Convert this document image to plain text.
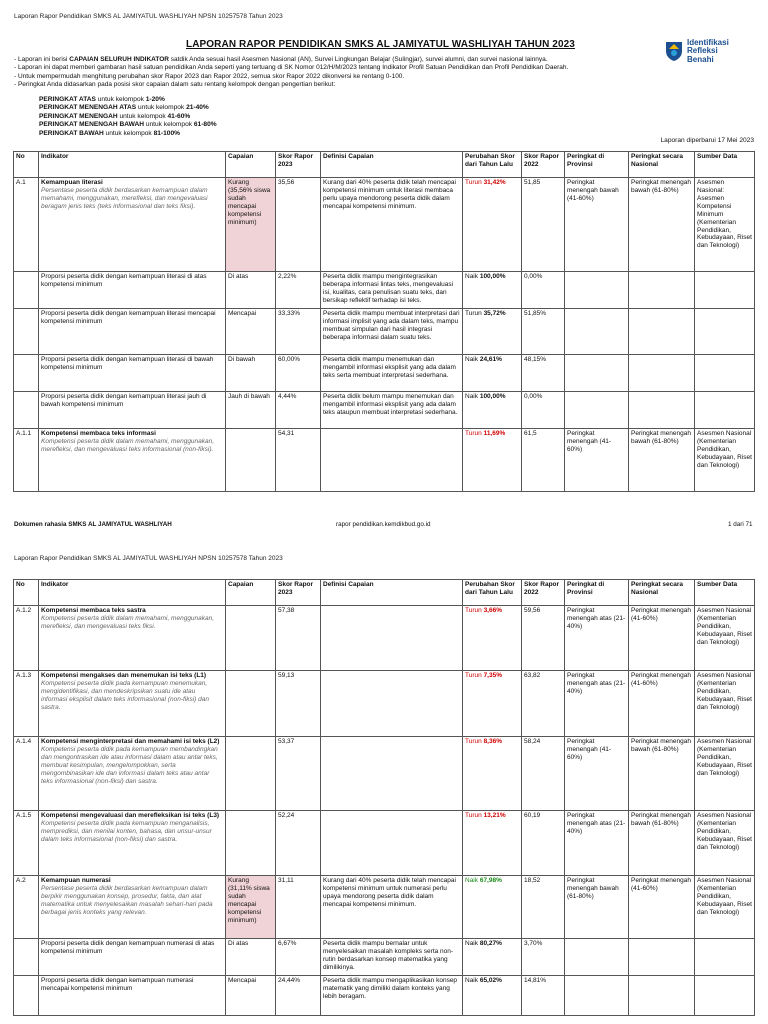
Laporan Rapor Pendidikan SMKS AL JAMIYATUL WASHLIYAH NPSN 10257578 Tahun 2023
LAPORAN RAPOR PENDIDIKAN SMKS AL JAMIYATUL WASHLIYAH TAHUN 2023	Identifikasi
Refleksi
Benahi

- Laporan ini berisi CAPAIAN SELURUH INDIKATOR satdik Anda sesuai hasil Asesmen Nasional (AN), Survei Lingkungan Belajar (Sulingjar), survei alumni, dan survei nasional lainnya.

- Laporan ini dapat memberi gambaran hasil satuan pendidikan Anda seperti yang tertuang di SK Nomor 012/H/M/2023 tentang Indikator Profil Satuan Pendidikan dan Profil Pendidikan Daerah.

- Untuk mempermudah menghitung perubahan skor Rapor 2023 dan Rapor 2022, semua skor Rapor 2022 dikonversi ke rentang 0-100.

- Peringkat Anda didasarkan pada posisi skor capaian dalam satu rentang kelompok dengan pengertian berikut:

PERINGKAT ATAS untuk kelompok 1-20%
PERINGKAT MENENGAH ATAS untuk kelompok 21-40%
PERINGKAT MENENGAH untuk kelompok 41-60%
PERINGKAT MENENGAH BAWAH untuk kelompok 61-80%
PERINGKAT BAWAH untuk kelompok 81-100%
Laporan diperbarui 17 Mei 2023
No	Indikator	Capaian	Skor Rapor 2023	Definisi Capaian	Perubahan Skor dari Tahun Lalu	Skor Rapor 2022	Peringkat di Provinsi	Peringkat secara Nasional	Sumber Data
A.1	Kemampuan literasi
Persentase peserta didik berdasarkan kemampuan dalam memahami, menggunakan, merefleksi, dan mengevaluasi beragam jenis teks (teks informasional dan teks fiksi).	Kurang (35,56% siswa sudah mencapai kompetensi minimum)	35,56	Kurang dari 40% peserta didik telah mencapai kompetensi minimum untuk literasi membaca perlu upaya mendorong peserta didik dalam mencapai kompetensi minimum.	Turun 31,42%	51,85	Peringkat menengah bawah (41-60%)	Peringkat menengah bawah (61-80%)	Asesmen Nasional: Asesmen Kompetensi Minimum (Kementerian Pendidikan, Kebudayaan, Riset dan Teknologi)

	Proporsi peserta didik dengan kemampuan literasi di atas kompetensi minimum	Di atas	2,22%	Peserta didik mampu mengintegrasikan beberapa informasi lintas teks, mengevaluasi isi, kualitas, cara penulisan suatu teks, dan bersikap reflektif terhadap isi teks.	Naik 100,00%	0,00%			

	Proporsi peserta didik dengan kemampuan literasi mencapai kompetensi minimum	Mencapai	33,33%	Peserta didik mampu membuat interpretasi dari informasi implisit yang ada dalam teks, mampu membuat simpulan dari hasil integrasi beberapa informasi dalam suatu teks.	Turun 35,72%	51,85%			

	Proporsi peserta didik dengan kemampuan literasi di bawah kompetensi minimum	Di bawah	60,00%	Peserta didik mampu menemukan dan mengambil informasi eksplisit yang ada dalam teks serta membuat interpretasi sederhana.	Naik 24,61%	48,15%			

	Proporsi peserta didik dengan kemampuan literasi jauh di bawah kompetensi minimum	Jauh di bawah	4,44%	Peserta didik belum mampu menemukan dan mengambil informasi eksplisit yang ada dalam teks ataupun membuat interpretasi sederhana.	Naik 100,00%	0,00%			
A.1.1	Kompetensi membaca teks informasi
Kompetensi peserta didik dalam memahami, menggunakan, merefleksi, dan mengevaluasi teks informasional (non-fiksi).		54,31		Turun 11,69%	61,5	Peringkat menengah (41-60%)	Peringkat menengah bawah (61-80%)	Asesmen Nasional (Kementerian Pendidikan, Kebudayaan, Riset dan Teknologi)
Dokumen rahasia SMKS AL JAMIYATUL WASHLIYAH	rapor pendidikan.kemdikbud.go.id	1 dari 71
Laporan Rapor Pendidikan SMKS AL JAMIYATUL WASHLIYAH NPSN 10257578 Tahun 2023
No	Indikator	Capaian	Skor Rapor 2023	Definisi Capaian	Perubahan Skor dari Tahun Lalu	Skor Rapor 2022	Peringkat di Provinsi	Peringkat secara Nasional	Sumber Data
A.1.2	Kompetensi membaca teks sastra
Kompetensi peserta didik dalam memahami, menggunakan, merefleksi, dan mengevaluasi teks fiksi.		57,38		Turun 3,66%	59,56	Peringkat menengah atas (21-40%)	Peringkat menengah (41-60%)	Asesmen Nasional (Kementerian Pendidikan, Kebudayaan, Riset dan Teknologi)
A.1.3	Kompetensi mengakses dan menemukan isi teks (L1)
Kompetensi peserta didik pada kemampuan menemukan, mengidentifikasi, dan mendeskripsikan suatu ide atau informasi eksplisit dalam teks informasional (non-fiksi) dan sastra.		59,13		Turun 7,35%	63,82	Peringkat menengah atas (21-40%)	Peringkat menengah (41-60%)	Asesmen Nasional (Kementerian Pendidikan, Kebudayaan, Riset dan Teknologi)
A.1.4	Kompetensi menginterpretasi dan memahami isi teks (L2)
Kompetensi peserta didik pada kemampuan membandingkan dan mengontraskan ide atau informasi dalam atau antar teks, membuat kesimpulan, mengelompokkan, serta mengombinasikan ide dan informasi dalam teks atau antar teks informasional (non-fiksi) dan sastra.		53,37		Turun 8,36%	58,24	Peringkat menengah (41-60%)	Peringkat menengah bawah (61-80%)	Asesmen Nasional (Kementerian Pendidikan, Kebudayaan, Riset dan Teknologi)
A.1.5	Kompetensi mengevaluasi dan merefleksikan isi teks (L3)
Kompetensi peserta didik pada kemampuan menganalisis, memprediksi, dan menilai konten, bahasa, dan unsur-unsur dalam teks informasional (non-fiksi) dan sastra.		52,24		Turun 13,21%	60,19	Peringkat menengah atas (21-40%)	Peringkat menengah bawah (61-80%)	Asesmen Nasional (Kementerian Pendidikan, Kebudayaan, Riset dan Teknologi)
A.2	Kemampuan numerasi
Persentase peserta didik berdasarkan kemampuan dalam berpikir menggunakan konsep, prosedur, fakta, dan alat matematika untuk menyelesaikan masalah sehari-hari pada berbagai jenis konteks yang relevan.	Kurang (31,11% siswa sudah mencapai kompetensi minimum)	31,11	Kurang dari 40% peserta didik telah mencapai kompetensi minimum untuk numerasi perlu upaya mendorong peserta didik dalam mencapai kompetensi minimum.	Naik 67,98%	18,52	Peringkat menengah bawah (61-80%)	Peringkat menengah (41-60%)	Asesmen Nasional (Kementerian Pendidikan, Kebudayaan, Riset dan Teknologi)

	Proporsi peserta didik dengan kemampuan numerasi di atas kompetensi minimum	Di atas	6,67%	Peserta didik mampu bernalar untuk menyelesaikan masalah kompleks serta non-rutin berdasarkan konsep matematika yang dimilikinya.	Naik 80,27%	3,70%			

	Proporsi peserta didik dengan kemampuan numerasi mencapai kompetensi minimum	Mencapai	24,44%	Peserta didik mampu mengaplikasikan konsep matematik yang dimiliki dalam konteks yang lebih beragam.	Naik 65,02%	14,81%			
